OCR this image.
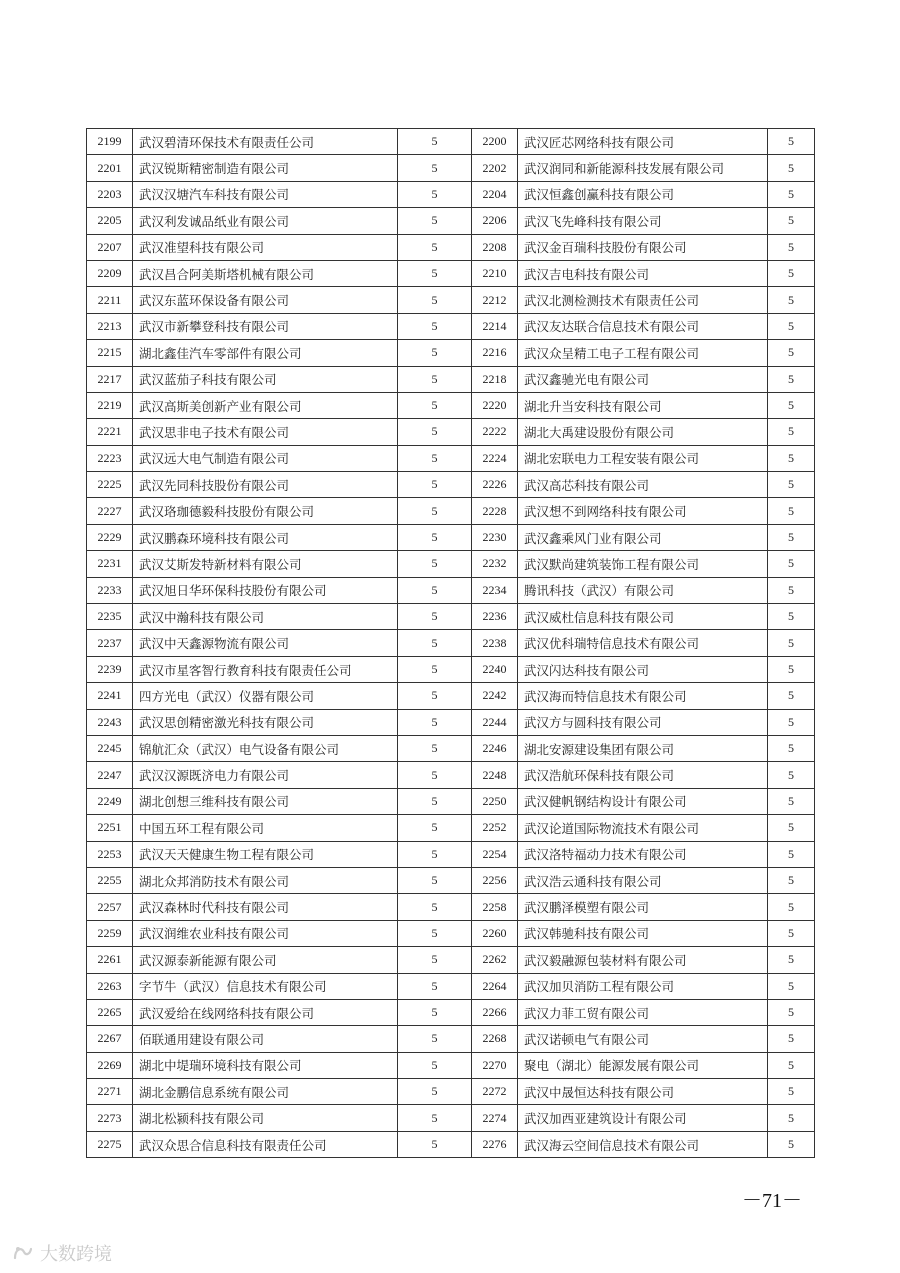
2199	武汉碧清环保技术有限责任公司	5	2200	武汉匠芯网络科技有限公司	5
2201	武汉锐斯精密制造有限公司	5	2202	武汉润同和新能源科技发展有限公司	5
2203	武汉汉塘汽车科技有限公司	5	2204	武汉恒鑫创赢科技有限公司	5
2205	武汉利发诚品纸业有限公司	5	2206	武汉飞先峰科技有限公司	5
2207	武汉准望科技有限公司	5	2208	武汉金百瑞科技股份有限公司	5
2209	武汉昌合阿美斯塔机械有限公司	5	2210	武汉吉电科技有限公司	5
2211	武汉东蓝环保设备有限公司	5	2212	武汉北测检测技术有限责任公司	5
2213	武汉市新攀登科技有限公司	5	2214	武汉友达联合信息技术有限公司	5
2215	湖北鑫佳汽车零部件有限公司	5	2216	武汉众呈精工电子工程有限公司	5
2217	武汉蓝茄子科技有限公司	5	2218	武汉鑫驰光电有限公司	5
2219	武汉高斯美创新产业有限公司	5	2220	湖北升当安科技有限公司	5
2221	武汉思非电子技术有限公司	5	2222	湖北大禹建设股份有限公司	5
2223	武汉远大电气制造有限公司	5	2224	湖北宏联电力工程安装有限公司	5
2225	武汉先同科技股份有限公司	5	2226	武汉高芯科技有限公司	5
2227	武汉珞珈德毅科技股份有限公司	5	2228	武汉想不到网络科技有限公司	5
2229	武汉鹏森环境科技有限公司	5	2230	武汉鑫乘风门业有限公司	5
2231	武汉艾斯发特新材料有限公司	5	2232	武汉默尚建筑装饰工程有限公司	5
2233	武汉旭日华环保科技股份有限公司	5	2234	腾讯科技（武汉）有限公司	5
2235	武汉中瀚科技有限公司	5	2236	武汉威杜信息科技有限公司	5
2237	武汉中天鑫源物流有限公司	5	2238	武汉优科瑞特信息技术有限公司	5
2239	武汉市星客智行教育科技有限责任公司	5	2240	武汉闪达科技有限公司	5
2241	四方光电（武汉）仪器有限公司	5	2242	武汉海而特信息技术有限公司	5
2243	武汉思创精密激光科技有限公司	5	2244	武汉方与圆科技有限公司	5
2245	锦航汇众（武汉）电气设备有限公司	5	2246	湖北安源建设集团有限公司	5
2247	武汉汉源既济电力有限公司	5	2248	武汉浩航环保科技有限公司	5
2249	湖北创想三维科技有限公司	5	2250	武汉健帆钢结构设计有限公司	5
2251	中国五环工程有限公司	5	2252	武汉论道国际物流技术有限公司	5
2253	武汉天天健康生物工程有限公司	5	2254	武汉洛特福动力技术有限公司	5
2255	湖北众邦消防技术有限公司	5	2256	武汉浩云通科技有限公司	5
2257	武汉森林时代科技有限公司	5	2258	武汉鹏泽模塑有限公司	5
2259	武汉润维农业科技有限公司	5	2260	武汉韩驰科技有限公司	5
2261	武汉源泰新能源有限公司	5	2262	武汉毅融源包装材料有限公司	5
2263	字节牛（武汉）信息技术有限公司	5	2264	武汉加贝消防工程有限公司	5
2265	武汉爱给在线网络科技有限公司	5	2266	武汉力菲工贸有限公司	5
2267	佰联通用建设有限公司	5	2268	武汉诺顿电气有限公司	5
2269	湖北中堤瑞环境科技有限公司	5	2270	聚电（湖北）能源发展有限公司	5
2271	湖北金鹏信息系统有限公司	5	2272	武汉中晟恒达科技有限公司	5
2273	湖北松颍科技有限公司	5	2274	武汉加西亚建筑设计有限公司	5
2275	武汉众思合信息科技有限责任公司	5	2276	武汉海云空间信息技术有限公司	5
－71－
大数跨境
